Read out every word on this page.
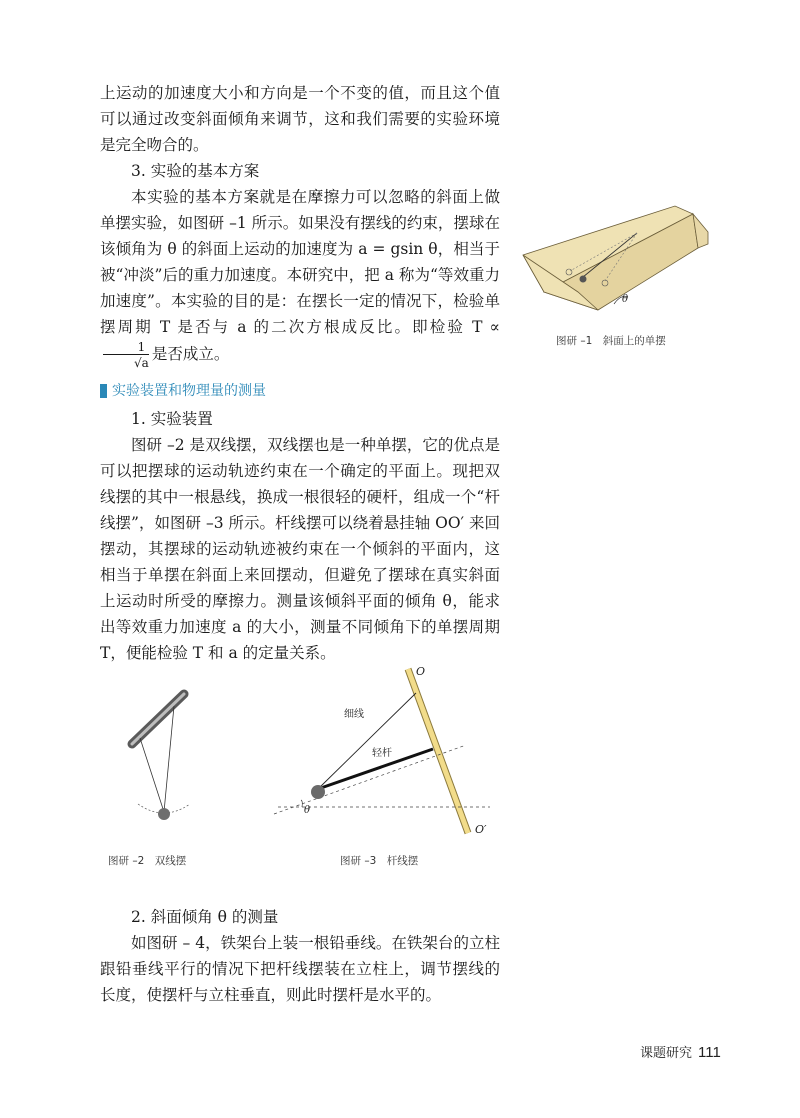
上运动的加速度大小和方向是一个不变的值，而且这个值可以通过改变斜面倾角来调节，这和我们需要的实验环境是完全吻合的。

3. 实验的基本方案

本实验的基本方案就是在摩擦力可以忽略的斜面上做单摆实验，如图研 –1 所示。如果没有摆线的约束，摆球在该倾角为 θ 的斜面上运动的加速度为 a = gsin θ，相当于被“冲淡”后的重力加速度。本研究中，把 a 称为“等效重力加速度”。本实验的目的是：在摆长一定的情况下，检验单摆周期 T 是否与 a 的二次方根成反比。即检验 T ∝
$\frac{1}{√a}$ 是否成立。

实验装置和物理量的测量

1. 实验装置

图研 –2 是双线摆，双线摆也是一种单摆，它的优点是可以把摆球的运动轨迹约束在一个确定的平面上。现把双线摆的其中一根悬线，换成一根很轻的硬杆，组成一个“杆线摆”，如图研 –3 所示。杆线摆可以绕着悬挂轴 OO′ 来回摆动，其摆球的运动轨迹被约束在一个倾斜的平面内，这相当于单摆在斜面上来回摆动，但避免了摆球在真实斜面上运动时所受的摩擦力。测量该倾斜平面的倾角 θ，能求出等效重力加速度 a 的大小，测量不同倾角下的单摆周期 T，便能检验 T 和 a 的定量关系。

θ
图研 –1　斜面上的单摆
图研 –2　双线摆
θ
O
O′
细线
轻杆
图研 –3　杆线摆

2. 斜面倾角 θ 的测量

如图研 – 4，铁架台上装一根铅垂线。在铁架台的立柱跟铅垂线平行的情况下把杆线摆装在立柱上，调节摆线的长度，使摆杆与立柱垂直，则此时摆杆是水平的。

课题研究 111
